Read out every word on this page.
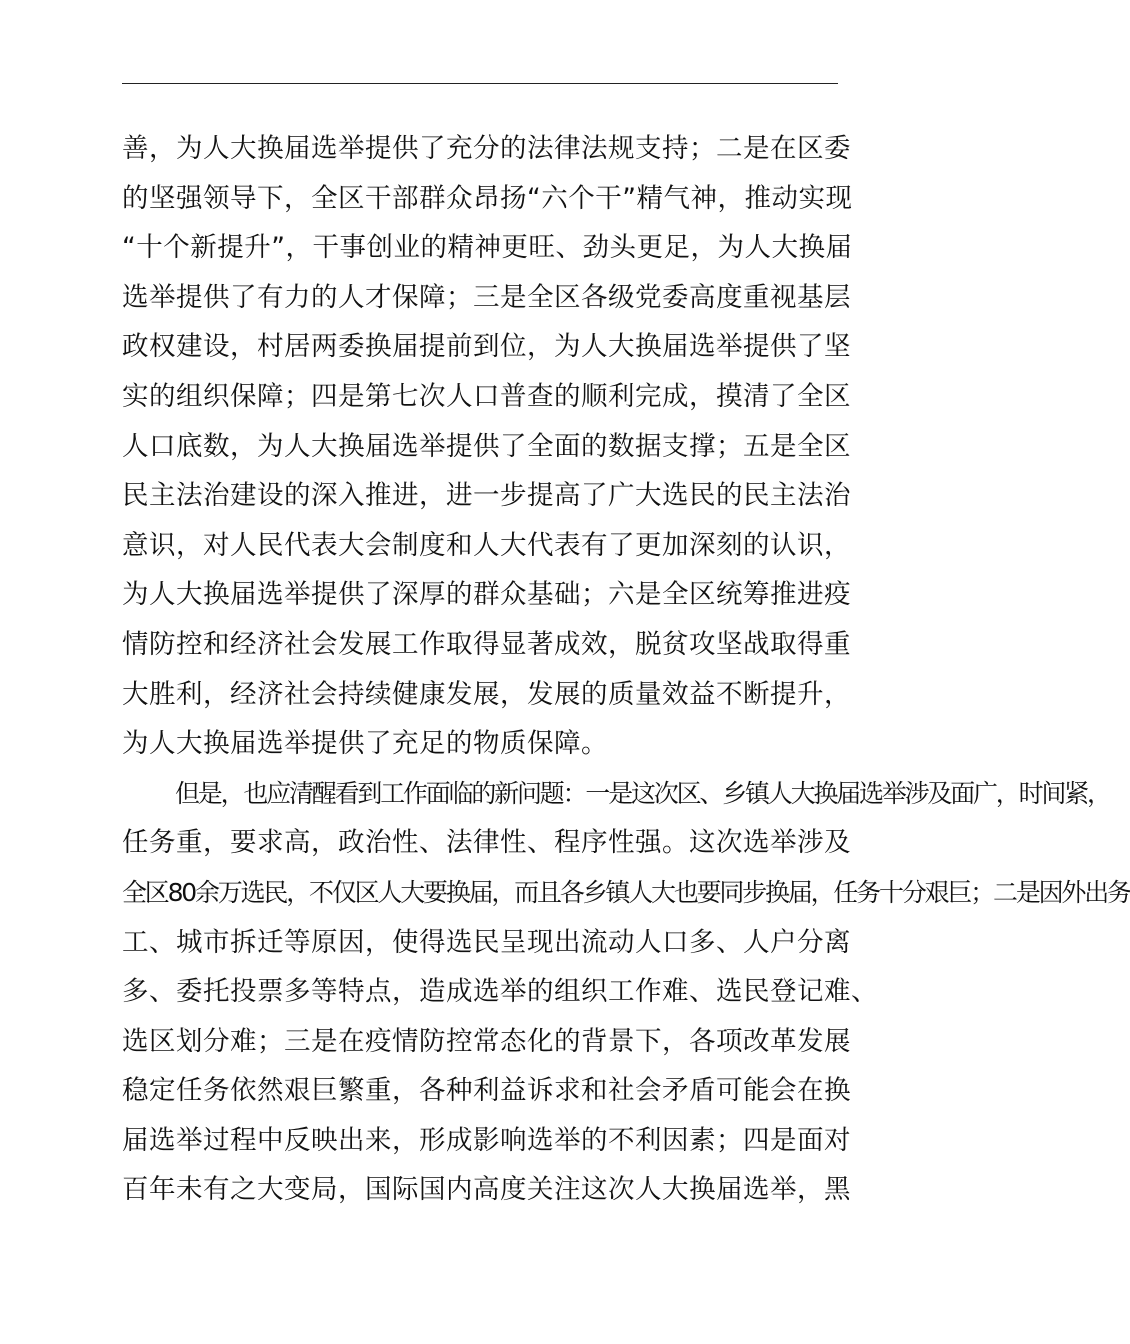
善，为人大换届选举提供了充分的法律法规支持；二是在区委
的坚强领导下，全区干部群众昂扬“六个干”精气神，推动实现
“十个新提升”，干事创业的精神更旺、劲头更足，为人大换届
选举提供了有力的人才保障；三是全区各级党委高度重视基层
政权建设，村居两委换届提前到位，为人大换届选举提供了坚
实的组织保障；四是第七次人口普查的顺利完成，摸清了全区
人口底数，为人大换届选举提供了全面的数据支撑；五是全区
民主法治建设的深入推进，进一步提高了广大选民的民主法治
意识，对人民代表大会制度和人大代表有了更加深刻的认识，
为人大换届选举提供了深厚的群众基础；六是全区统筹推进疫
情防控和经济社会发展工作取得显著成效，脱贫攻坚战取得重
大胜利，经济社会持续健康发展，发展的质量效益不断提升，
为人大换届选举提供了充足的物质保障。
但是，也应清醒看到工作面临的新问题：一是这次区、乡镇人大换届选举涉及面广，时间紧，
任务重，要求高，政治性、法律性、程序性强。这次选举涉及
全区80余万选民，不仅区人大要换届，而且各乡镇人大也要同步换届，任务十分艰巨；二是因外出务
工、城市拆迁等原因，使得选民呈现出流动人口多、人户分离
多、委托投票多等特点，造成选举的组织工作难、选民登记难、
选区划分难；三是在疫情防控常态化的背景下，各项改革发展
稳定任务依然艰巨繁重，各种利益诉求和社会矛盾可能会在换
届选举过程中反映出来，形成影响选举的不利因素；四是面对
百年未有之大变局，国际国内高度关注这次人大换届选举，黑
